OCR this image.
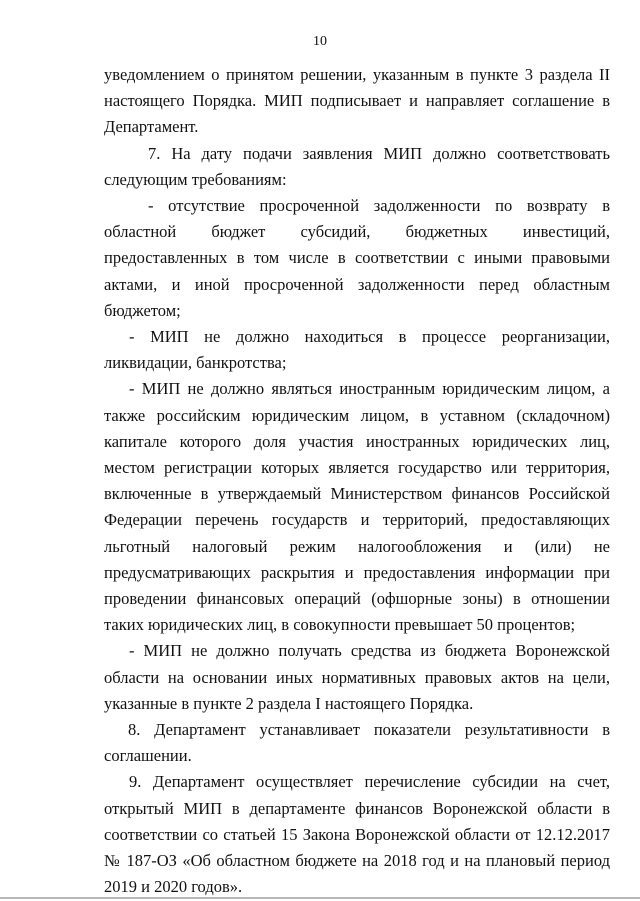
10

уведомлением о принятом решении, указанным в пункте 3 раздела II настоящего Порядка. МИП подписывает и направляет соглашение в Департамент.

7. На дату подачи заявления МИП должно соответствовать следующим требованиям:

- отсутствие просроченной задолженности по возврату в областной бюджет субсидий, бюджетных инвестиций, предоставленных в том числе в соответствии с иными правовыми актами, и иной просроченной задолженности перед областным бюджетом;

- МИП не должно находиться в процессе реорганизации, ликвидации, банкротства;

- МИП не должно являться иностранным юридическим лицом, а также российским юридическим лицом, в уставном (складочном) капитале которого доля участия иностранных юридических лиц, местом регистрации которых является государство или территория, включенные в утверждаемый Министерством финансов Российской Федерации перечень государств и территорий, предоставляющих льготный налоговый режим налогообложения и (или) не предусматривающих раскрытия и предоставления информации при проведении финансовых операций (офшорные зоны) в отношении таких юридических лиц, в совокупности превышает 50 процентов;

- МИП не должно получать средства из бюджета Воронежской области на основании иных нормативных правовых актов на цели, указанные в пункте 2 раздела I настоящего Порядка.

8. Департамент устанавливает показатели результативности в соглашении.

9. Департамент осуществляет перечисление субсидии на счет, открытый МИП в департаменте финансов Воронежской области в соответствии со статьей 15 Закона Воронежской области от 12.12.2017 № 187-ОЗ «Об областном бюджете на 2018 год и на плановый период 2019 и 2020 годов».
